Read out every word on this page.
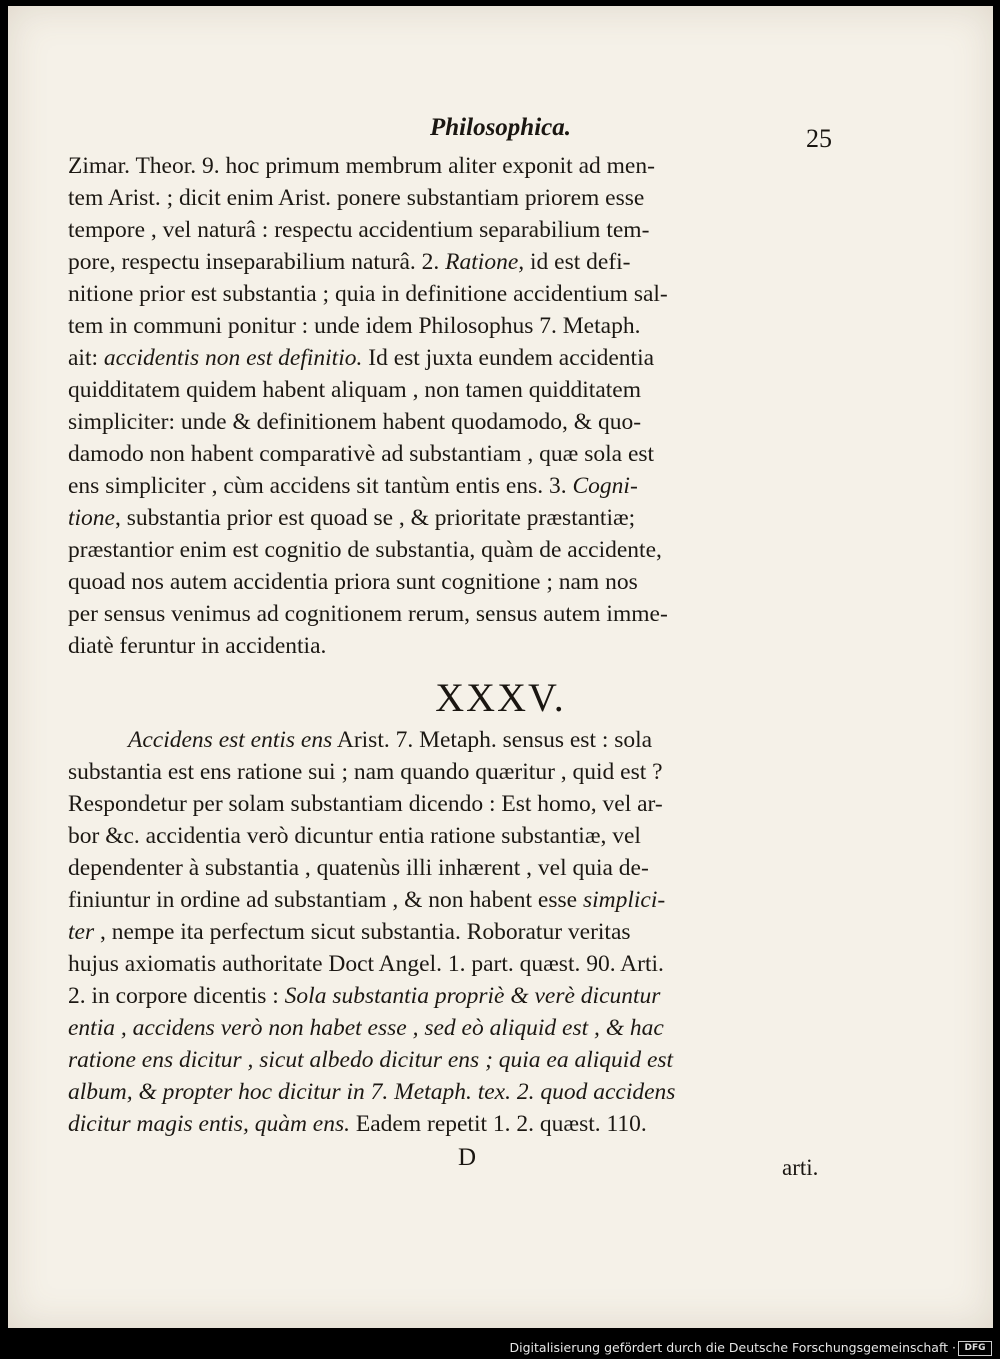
Philosophica.	25
Zimar. Theor. 9. hoc primum membrum aliter exponit ad men-
tem Arist. ; dicit enim Arist. ponere substantiam priorem esse
tempore , vel naturâ : respectu accidentium separabilium tem-
pore, respectu inseparabilium naturâ. 2. Ratione, id est defi-
nitione prior est substantia ; quia in definitione accidentium sal-
tem in communi ponitur : unde idem Philosophus 7. Metaph.
ait: accidentis non est definitio. Id est juxta eundem accidentia
quidditatem quidem habent aliquam , non tamen quidditatem
simpliciter: unde & definitionem habent quodamodo, & quo-
damodo non habent comparativè ad substantiam , quæ sola est
ens simpliciter , cùm accidens sit tantùm entis ens. 3. Cogni-
tione, substantia prior est quoad se , & prioritate præstantiæ;
præstantior enim est cognitio de substantia, quàm de accidente,
quoad nos autem accidentia priora sunt cognitione ; nam nos
per sensus venimus ad cognitionem rerum, sensus autem imme-
diatè feruntur in accidentia.
XXXV.
Accidens est entis ens Arist. 7. Metaph. sensus est : sola
substantia est ens ratione sui ; nam quando quæritur , quid est ?
Respondetur per solam substantiam dicendo : Est homo, vel ar-
bor &c. accidentia verò dicuntur entia ratione substantiæ, vel
dependenter à substantia , quatenùs illi inhærent , vel quia de-
finiuntur in ordine ad substantiam , & non habent esse simplici-
ter , nempe ita perfectum sicut substantia. Roboratur veritas
hujus axiomatis authoritate Doct Angel. 1. part. quæst. 90. Arti.
2. in corpore dicentis : Sola substantia propriè & verè dicuntur
entia , accidens verò non habet esse , sed eò aliquid est , & hac
ratione ens dicitur , sicut albedo dicitur ens ; quia ea aliquid est
album, & propter hoc dicitur in 7. Metaph. tex. 2. quod accidens
dicitur magis entis, quàm ens. Eadem repetit 1. 2. quæst. 110.
D	arti.
Digitalisierung gefördert durch die Deutsche Forschungsgemeinschaft · DFG
